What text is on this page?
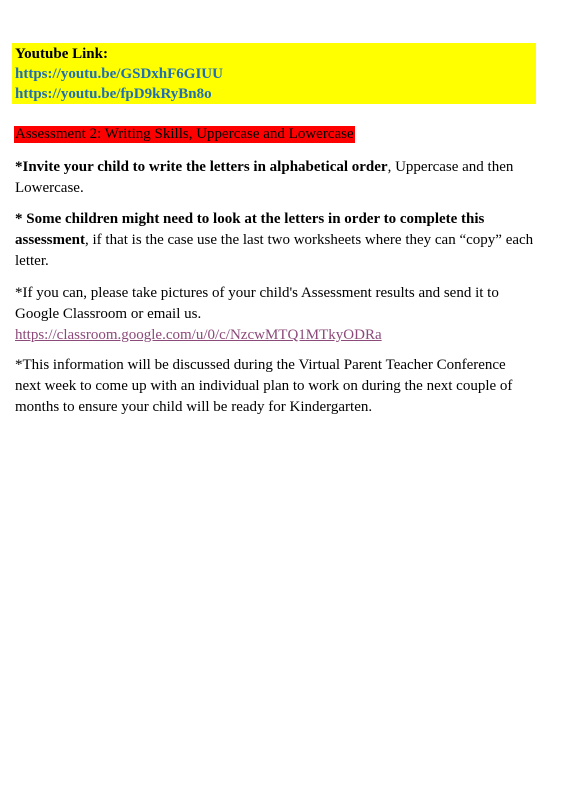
Youtube Link:
https://youtu.be/GSDxhF6GIUU
https://youtu.be/fpD9kRyBn8o
Assessment 2: Writing Skills, Uppercase and Lowercase

*Invite your child to write the letters in alphabetical order, Uppercase and then Lowercase.

* Some children might need to look at the letters in order to complete this assessment, if that is the case use the last two worksheets where they can “copy” each letter.

*If you can, please take pictures of your child's Assessment results and send it to Google Classroom or email us.
https://classroom.google.com/u/0/c/NzcwMTQ1MTkyODRa

*This information will be discussed during the Virtual Parent Teacher Conference next week to come up with an individual plan to work on during the next couple of months to ensure your child will be ready for Kindergarten.
